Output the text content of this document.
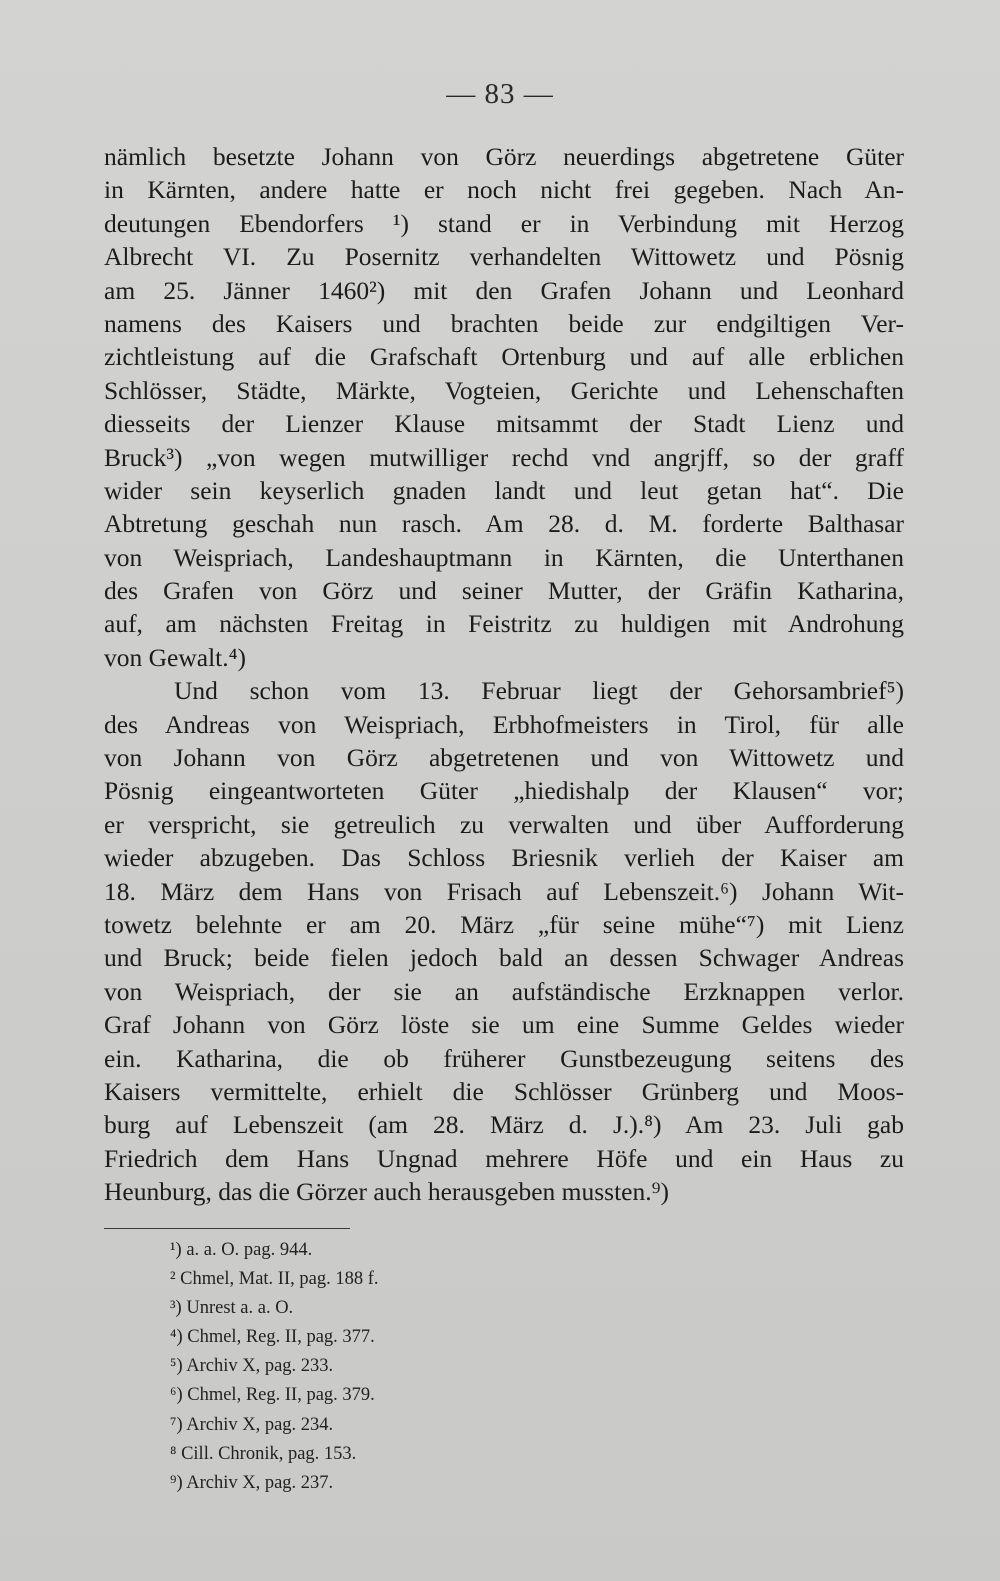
— 83 —
nämlich besetzte Johann von Görz neuerdings abgetretene Güter
in Kärnten, andere hatte er noch nicht frei gegeben. Nach An-
deutungen Ebendorfers ¹) stand er in Verbindung mit Herzog
Albrecht VI. Zu Posernitz verhandelten Wittowetz und Pösnig
am 25. Jänner 1460²) mit den Grafen Johann und Leonhard
namens des Kaisers und brachten beide zur endgiltigen Ver-
zichtleistung auf die Grafschaft Ortenburg und auf alle erblichen
Schlösser, Städte, Märkte, Vogteien, Gerichte und Lehenschaften
diesseits der Lienzer Klause mitsammt der Stadt Lienz und
Bruck³) „von wegen mutwilliger rechd vnd angrjff, so der graff
wider sein keyserlich gnaden landt und leut getan hat“. Die
Abtretung geschah nun rasch. Am 28. d. M. forderte Balthasar
von Weispriach, Landeshauptmann in Kärnten, die Unterthanen
des Grafen von Görz und seiner Mutter, der Gräfin Katharina,
auf, am nächsten Freitag in Feistritz zu huldigen mit Androhung
von Gewalt.⁴)
Und schon vom 13. Februar liegt der Gehorsambrief⁵)
des Andreas von Weispriach, Erbhofmeisters in Tirol, für alle
von Johann von Görz abgetretenen und von Wittowetz und
Pösnig eingeantworteten Güter „hiedishalp der Klausen“ vor;
er verspricht, sie getreulich zu verwalten und über Aufforderung
wieder abzugeben. Das Schloss Briesnik verlieh der Kaiser am
18. März dem Hans von Frisach auf Lebenszeit.⁶) Johann Wit-
towetz belehnte er am 20. März „für seine mühe“⁷) mit Lienz
und Bruck; beide fielen jedoch bald an dessen Schwager Andreas
von Weispriach, der sie an aufständische Erzknappen verlor.
Graf Johann von Görz löste sie um eine Summe Geldes wieder
ein. Katharina, die ob früherer Gunstbezeugung seitens des
Kaisers vermittelte, erhielt die Schlösser Grünberg und Moos-
burg auf Lebenszeit (am 28. März d. J.).⁸) Am 23. Juli gab
Friedrich dem Hans Ungnad mehrere Höfe und ein Haus zu
Heunburg, das die Görzer auch herausgeben mussten.⁹)
¹) a. a. O. pag. 944.
² Chmel, Mat. II, pag. 188 f.
³) Unrest a. a. O.
⁴) Chmel, Reg. II, pag. 377.
⁵) Archiv X, pag. 233.
⁶) Chmel, Reg. II, pag. 379.
⁷) Archiv X, pag. 234.
⁸ Cill. Chronik, pag. 153.
⁹) Archiv X, pag. 237.
